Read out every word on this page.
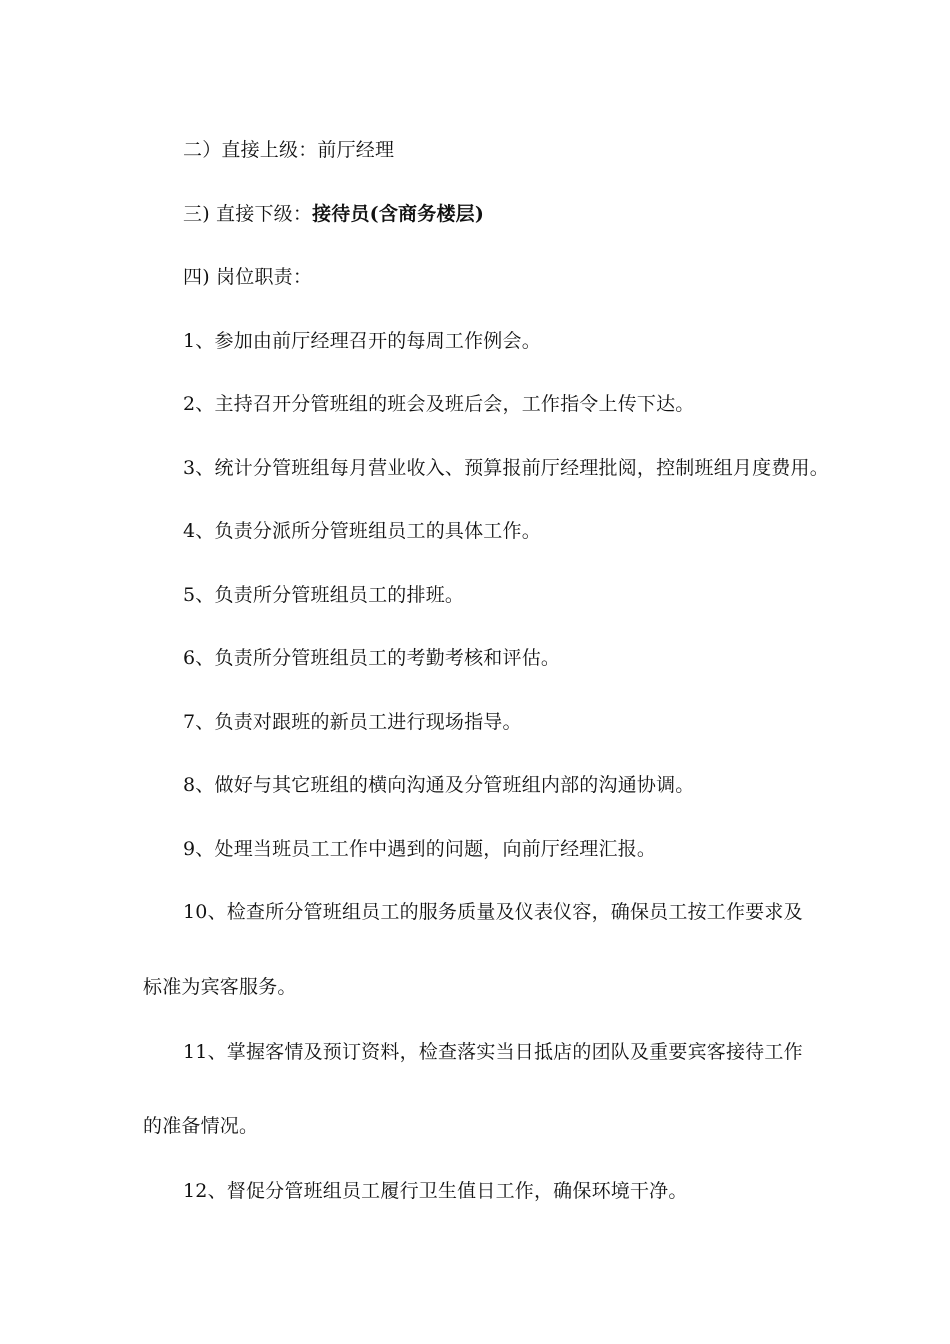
二）直接上级：前厅经理
三) 直接下级：接待员(含商务楼层)
四) 岗位职责：
1、参加由前厅经理召开的每周工作例会。
2、主持召开分管班组的班会及班后会，工作指令上传下达。
3、统计分管班组每月营业收入、预算报前厅经理批阅，控制班组月度费用。
4、负责分派所分管班组员工的具体工作。
5、负责所分管班组员工的排班。
6、负责所分管班组员工的考勤考核和评估。
7、负责对跟班的新员工进行现场指导。
8、做好与其它班组的横向沟通及分管班组内部的沟通协调。
9、处理当班员工工作中遇到的问题，向前厅经理汇报。
10、检查所分管班组员工的服务质量及仪表仪容，确保员工按工作要求及
标准为宾客服务。
11、掌握客情及预订资料，检查落实当日抵店的团队及重要宾客接待工作
的准备情况。
12、督促分管班组员工履行卫生值日工作，确保环境干净。
